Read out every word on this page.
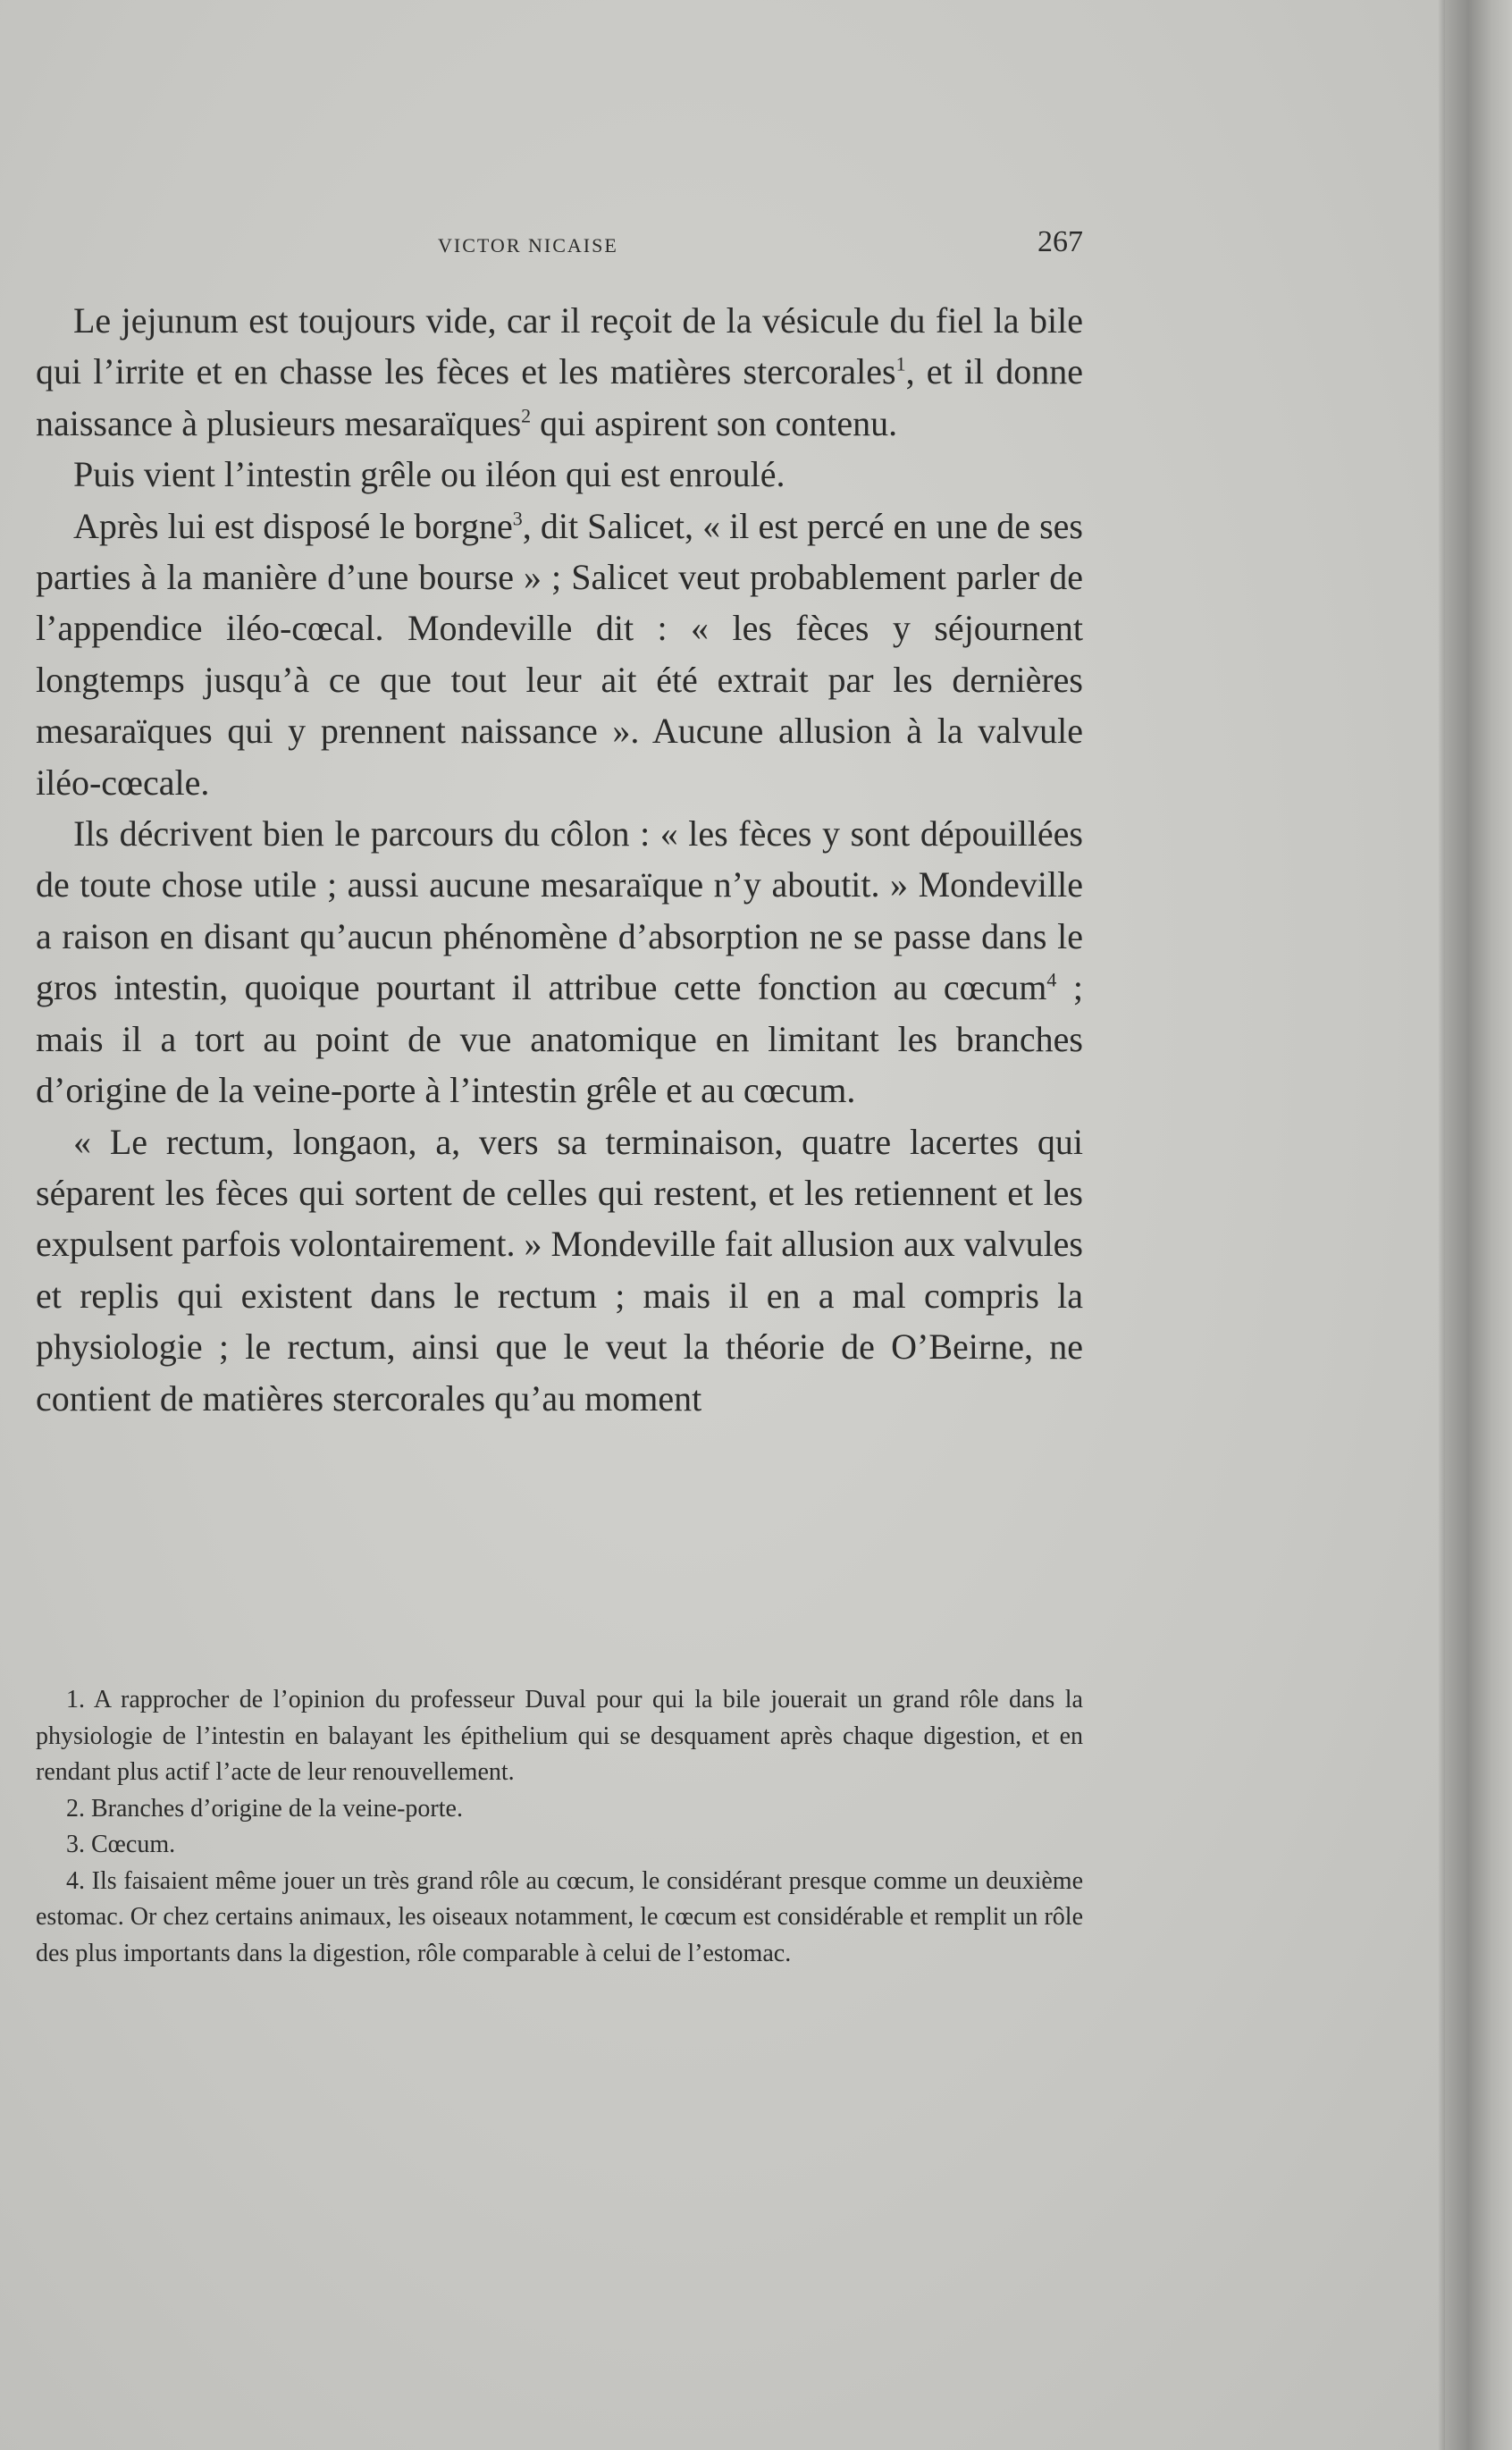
VICTOR NICAISE	267

Le jejunum est toujours vide, car il reçoit de la vésicule du fiel la bile qui l’irrite et en chasse les fèces et les matières stercorales$^1$, et il donne naissance à plusieurs mesaraïques$^2$ qui aspirent son contenu.

Puis vient l’intestin grêle ou iléon qui est enroulé.

Après lui est disposé le borgne$^3$, dit Salicet, « il est percé en une de ses parties à la manière d’une bourse » ; Salicet veut probablement parler de l’appendice iléo-cœcal. Mondeville dit : « les fèces y séjournent longtemps jusqu’à ce que tout leur ait été extrait par les dernières mesaraïques qui y prennent naissance ». Aucune allusion à la valvule iléo-cœcale.

Ils décrivent bien le parcours du côlon : « les fèces y sont dépouillées de toute chose utile ; aussi aucune mesaraïque n’y aboutit. » Mondeville a raison en disant qu’aucun phénomène d’absorption ne se passe dans le gros intestin, quoique pourtant il attribue cette fonction au cœcum$^4$ ; mais il a tort au point de vue anatomique en limitant les branches d’origine de la veine-porte à l’intestin grêle et au cœcum.

« Le rectum, longaon, a, vers sa terminaison, quatre lacertes qui séparent les fèces qui sortent de celles qui restent, et les retiennent et les expulsent parfois volontairement. » Mondeville fait allusion aux valvules et replis qui existent dans le rectum ; mais il en a mal compris la physiologie ; le rectum, ainsi que le veut la théorie de O’Beirne, ne contient de matières stercorales qu’au moment

1. A rapprocher de l’opinion du professeur Duval pour qui la bile jouerait un grand rôle dans la physiologie de l’intestin en balayant les épithelium qui se desquament après chaque digestion, et en rendant plus actif l’acte de leur renouvellement.

2. Branches d’origine de la veine-porte.

3. Cœcum.

4. Ils faisaient même jouer un très grand rôle au cœcum, le considérant presque comme un deuxième estomac. Or chez certains animaux, les oiseaux notamment, le cœcum est considérable et remplit un rôle des plus importants dans la digestion, rôle comparable à celui de l’estomac.
